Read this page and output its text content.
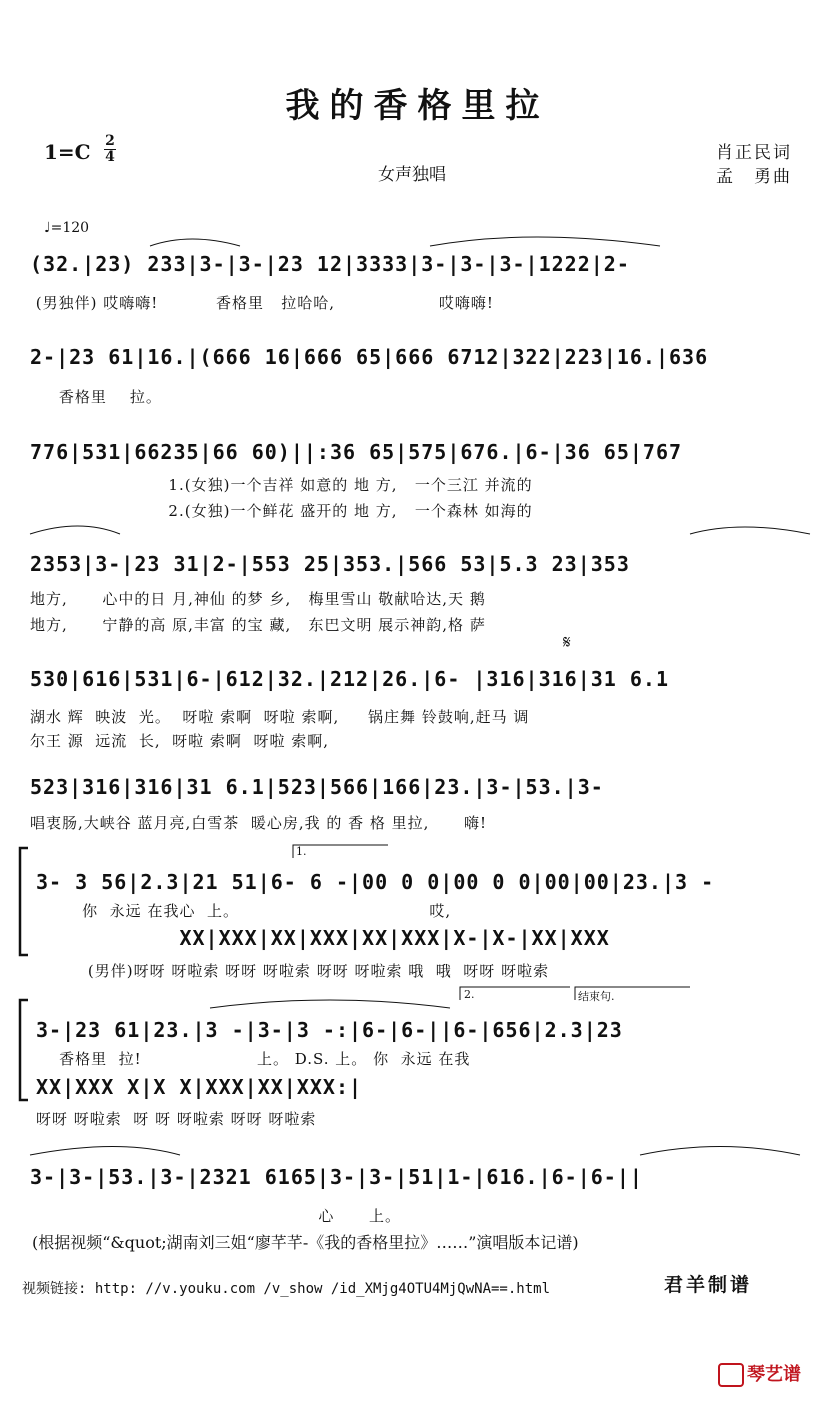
我的香格里拉
1=C 2
4
女声独唱
肖正民词
孟　勇曲
♩=120
(32.|23) 233|3-|3-|23 12|3333|3-|3-|3-|1222|2-
(男独伴) 哎嗨嗨!          香格里   拉哈哈,                  哎嗨嗨!
2-|23 61|16.|(666 16|666 65|666 6712|322|223|16.|636
香格里    拉。
776|531|66235|66 60)||:36 65|575|676.|6-|36 65|767
1.(女独)一个吉祥 如意的 地 方,   一个三江 并流的
2.(女独)一个鲜花 盛开的 地 方,   一个森林 如海的
2353|3-|23 31|2-|553 25|353.|566 53|5.3 23|353
地方,      心中的日 月,神仙 的梦 乡,   梅里雪山 敬献哈达,天 鹅
地方,      宁静的高 原,丰富 的宝 藏,   东巴文明 展示神韵,格 萨
𝄋
530|616|531|6-|612|32.|212|26.|6- |316|316|31 6.1
湖水 辉  映波  光。  呀啦 索啊  呀啦 索啊,     锅庄舞 铃鼓响,赶马 调
尔王 源  远流  长,  呀啦 索啊  呀啦 索啊,
523|316|316|31 6.1|523|566|166|23.|3-|53.|3-
唱衷肠,大峡谷 蓝月亮,白雪茶  暖心房,我 的 香 格 里拉,      嗨!
1.
3- 3 56|2.3|21 51|6- 6 -|00 0 0|00 0 0|00|00|23.|3 -
你  永远 在我心  上。                                 哎,
XX|XXX|XX|XXX|XX|XXX|X-|X-|XX|XXX
(男伴)呀呀 呀啦索 呀呀 呀啦索 呀呀 呀啦索 哦  哦  呀呀 呀啦索
2.	结束句.
3-|23 61|23.|3 -|3-|3 -:|6-|6-||6-|656|2.3|23
香格里  拉!                    上。 D.S. 上。 你  永远 在我
XX|XXX X|X X|XXX|XX|XXX:|
呀呀 呀啦索  呀 呀 呀啦索 呀呀 呀啦索
3-|3-|53.|3-|2321 6165|3-|3-|51|1-|616.|6-|6-||
心      上。
(根据视频“&quot;湖南刘三姐“廖芊芊-《我的香格里拉》……”演唱版本记谱)
视频链接: http: //v.youku.com /v_show /id_XMjg4OTU4MjQwNA==.html	君羊制谱
琴艺谱
